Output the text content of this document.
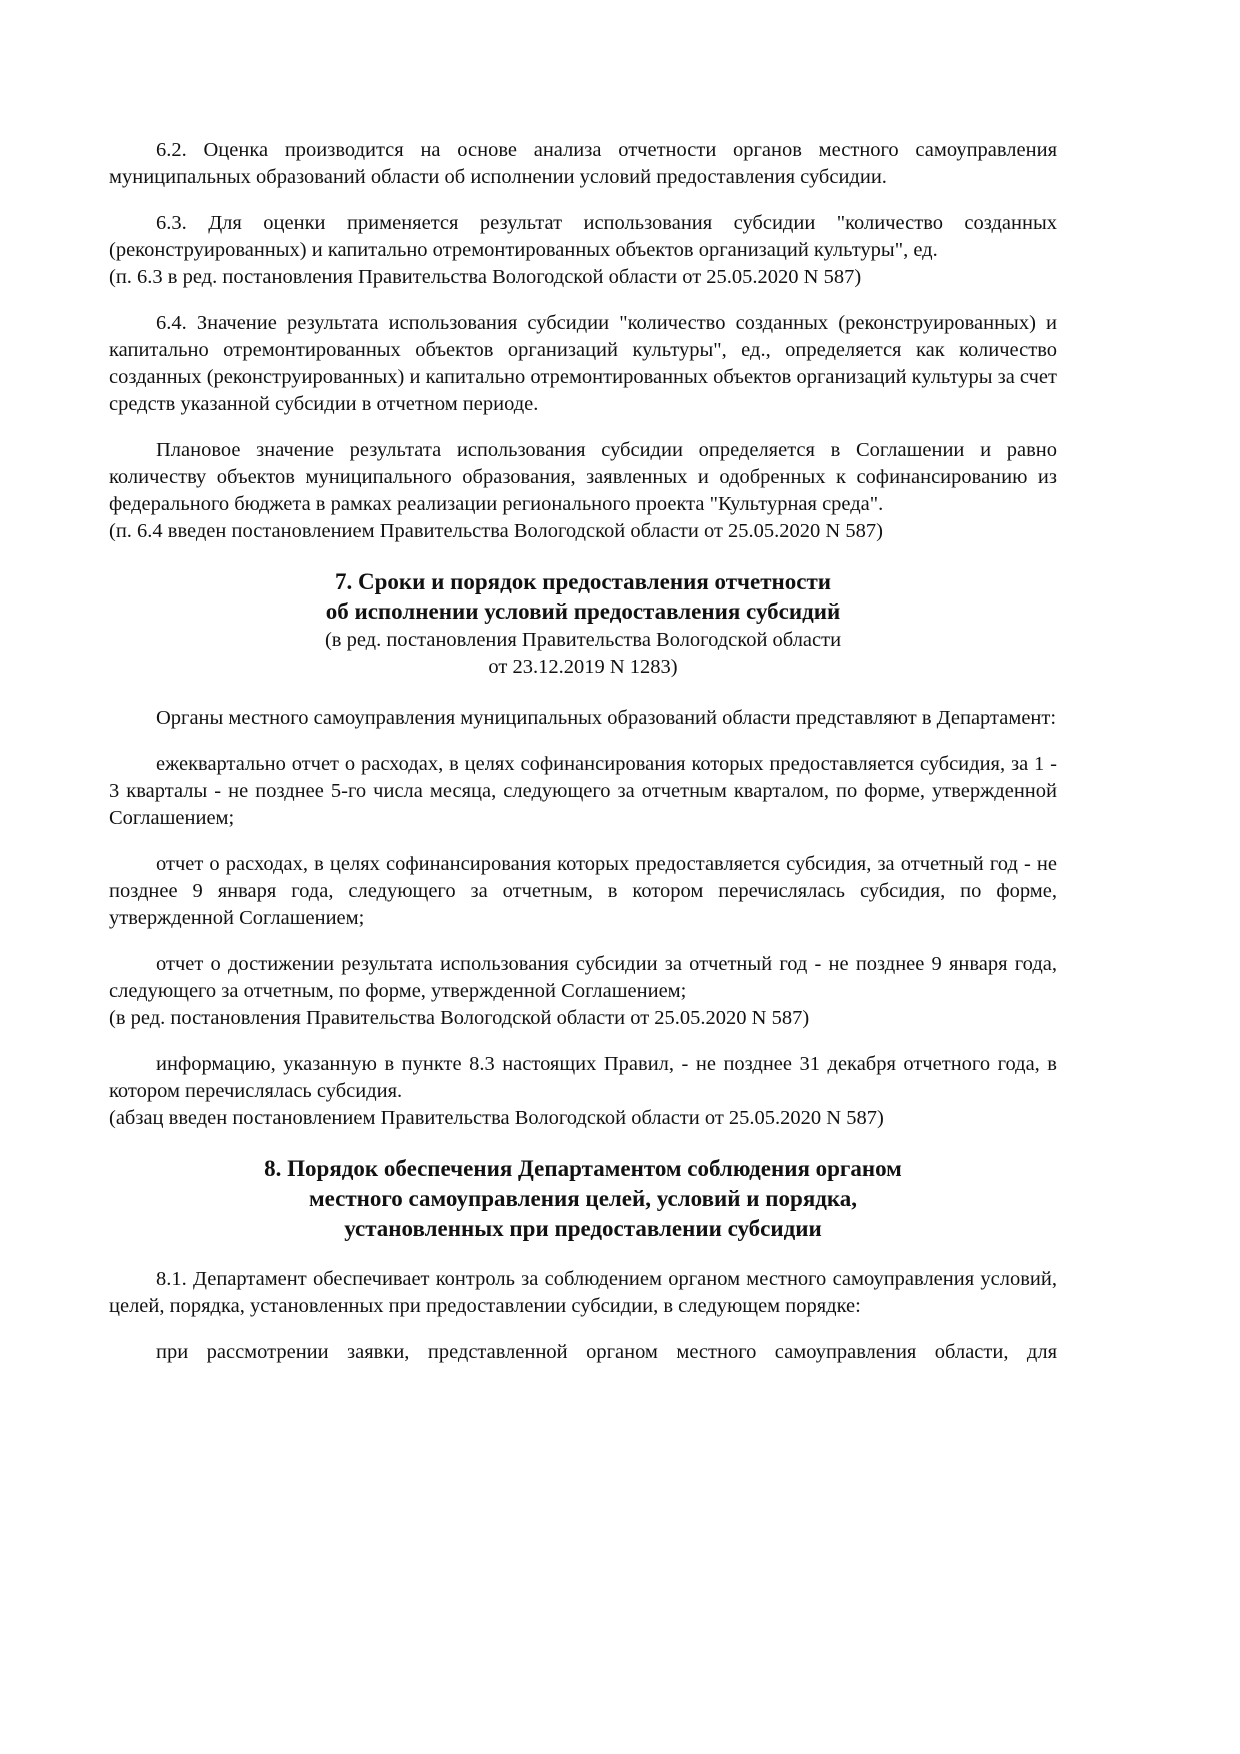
6.2. Оценка производится на основе анализа отчетности органов местного самоуправления муниципальных образований области об исполнении условий предоставления субсидии.

6.3. Для оценки применяется результат использования субсидии "количество созданных (реконструированных) и капитально отремонтированных объектов организаций культуры", ед.

(п. 6.3 в ред. постановления Правительства Вологодской области от 25.05.2020 N 587)

6.4. Значение результата использования субсидии "количество созданных (реконструированных) и капитально отремонтированных объектов организаций культуры", ед., определяется как количество созданных (реконструированных) и капитально отремонтированных объектов организаций культуры за счет средств указанной субсидии в отчетном периоде.

Плановое значение результата использования субсидии определяется в Соглашении и равно количеству объектов муниципального образования, заявленных и одобренных к софинансированию из федерального бюджета в рамках реализации регионального проекта "Культурная среда".

(п. 6.4 введен постановлением Правительства Вологодской области от 25.05.2020 N 587)

7. Сроки и порядок предоставления отчетности
об исполнении условий предоставления субсидий
(в ред. постановления Правительства Вологодской области
от 23.12.2019 N 1283)

Органы местного самоуправления муниципальных образований области представляют в Департамент:

ежеквартально отчет о расходах, в целях софинансирования которых предоставляется субсидия, за 1 - 3 кварталы - не позднее 5-го числа месяца, следующего за отчетным кварталом, по форме, утвержденной Соглашением;

отчет о расходах, в целях софинансирования которых предоставляется субсидия, за отчетный год - не позднее 9 января года, следующего за отчетным, в котором перечислялась субсидия, по форме, утвержденной Соглашением;

отчет о достижении результата использования субсидии за отчетный год - не позднее 9 января года, следующего за отчетным, по форме, утвержденной Соглашением;

(в ред. постановления Правительства Вологодской области от 25.05.2020 N 587)

информацию, указанную в пункте 8.3 настоящих Правил, - не позднее 31 декабря отчетного года, в котором перечислялась субсидия.

(абзац введен постановлением Правительства Вологодской области от 25.05.2020 N 587)

8. Порядок обеспечения Департаментом соблюдения органом
местного самоуправления целей, условий и порядка,
установленных при предоставлении субсидии

8.1. Департамент обеспечивает контроль за соблюдением органом местного самоуправления условий, целей, порядка, установленных при предоставлении субсидии, в следующем порядке:

при рассмотрении заявки, представленной органом местного самоуправления области, для
